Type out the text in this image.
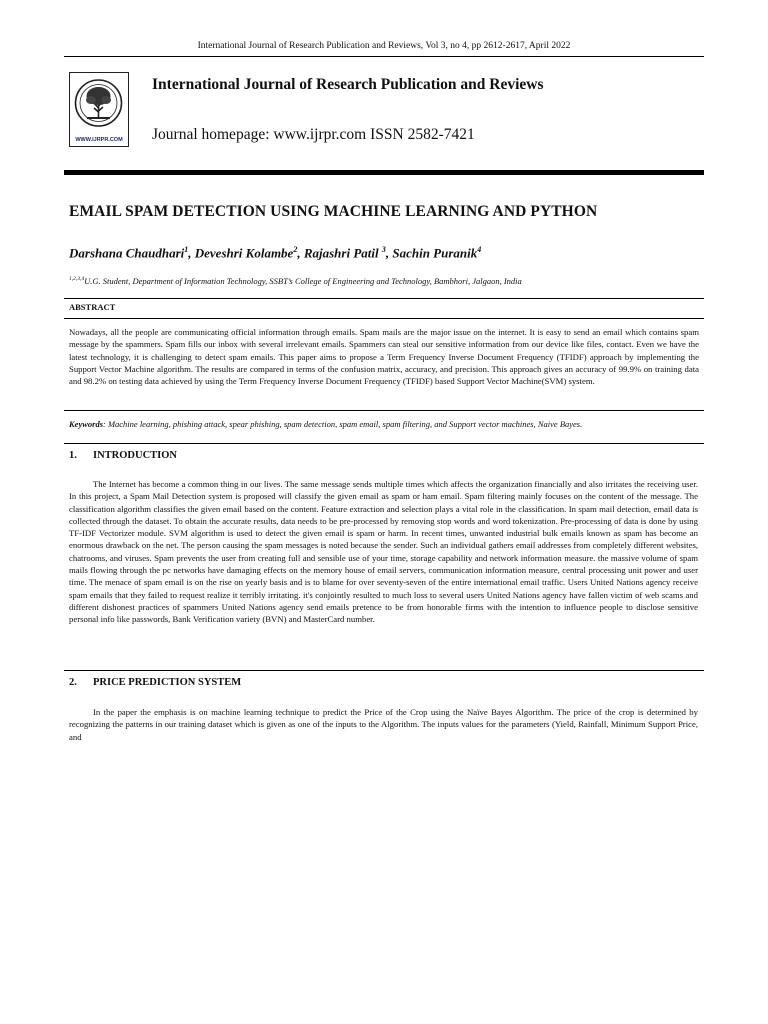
International Journal of Research Publication and Reviews, Vol 3, no 4, pp 2612-2617, April 2022
WWW.IJRPR.COM
International Journal of Research Publication and Reviews
Journal homepage: www.ijrpr.com ISSN 2582-7421
EMAIL SPAM DETECTION USING MACHINE LEARNING AND PYTHON
Darshana Chaudhari$^1$, Deveshri Kolambe$^2$, Rajashri Patil $^3$, Sachin Puranik$^4$
$^{1,2,3,4}$U.G. Student, Department of Information Technology, SSBT’s College of Engineering and Technology, Bambhori, Jalgaon, India
ABSTRACT
Nowadays, all the people are communicating official information through emails. Spam mails are the major issue on the internet. It is easy to send an email which contains spam message by the spammers. Spam fills our inbox with several irrelevant emails. Spammers can steal our sensitive information from our device like files, contact. Even we have the latest technology, it is challenging to detect spam emails. This paper aims to propose a Term Frequency Inverse Document Frequency (TFIDF) approach by implementing the Support Vector Machine algorithm. The results are compared in terms of the confusion matrix, accuracy, and precision. This approach gives an accuracy of 99.9% on training data and 98.2% on testing data achieved by using the Term Frequency Inverse Document Frequency (TFIDF) based Support Vector Machine(SVM) system.
Keywords: Machine learning, phishing attack, spear phishing, spam detection, spam email, spam filtering, and Support vector machines, Naive Bayes.
1. INTRODUCTION
The Internet has become a common thing in our lives. The same message sends multiple times which affects the organization financially and also irritates the receiving user. In this project, a Spam Mail Detection system is proposed will classify the given email as spam or ham email. Spam filtering mainly focuses on the content of the message. The classification algorithm classifies the given email based on the content. Feature extraction and selection plays a vital role in the classification. In spam mail detection, email data is collected through the dataset. To obtain the accurate results, data needs to be pre-processed by removing stop words and word tokenization. Pre-processing of data is done by using TF-IDF Vectorizer module. SVM algorithm is used to detect the given email is spam or harm. In recent times, unwanted industrial bulk emails known as spam has become an enormous drawback on the net. The person causing the spam messages is noted because the sender. Such an individual gathers email addresses from completely different websites, chatrooms, and viruses. Spam prevents the user from creating full and sensible use of your time, storage capability and network information measure. the massive volume of spam mails flowing through the pc networks have damaging effects on the memory house of email servers, communication information measure, central processing unit power and user time. The menace of spam email is on the rise on yearly basis and is to blame for over seventy-seven of the entire international email traffic. Users United Nations agency receive spam emails that they failed to request realize it terribly irritating. it's conjointly resulted to much loss to several users United Nations agency have fallen victim of web scams and different dishonest practices of spammers United Nations agency send emails pretence to be from honorable firms with the intention to influence people to disclose sensitive personal info like passwords, Bank Verification variety (BVN) and MasterCard number.
2. PRICE PREDICTION SYSTEM
In the paper the emphasis is on machine learning technique to predict the Price of the Crop using the Naïve Bayes Algorithm. The price of the crop is determined by recognizing the patterns in our training dataset which is given as one of the inputs to the Algorithm. The inputs values for the parameters (Yield, Rainfall, Minimum Support Price, and
